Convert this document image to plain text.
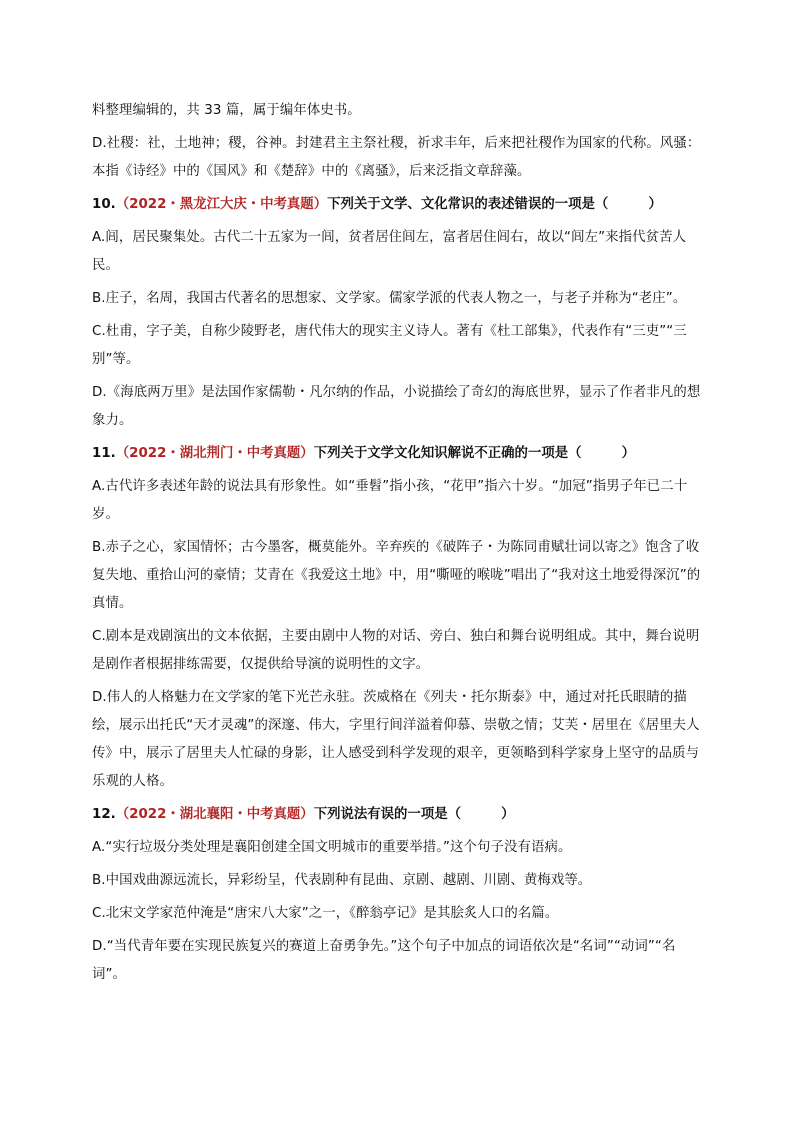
料整理编辑的，共 33 篇，属于编年体史书。

D.社稷：社，土地神；稷，谷神。封建君主主祭社稷，祈求丰年，后来把社稷作为国家的代称。风骚：本指《诗经》中的《国风》和《楚辞》中的《离骚》，后来泛指文章辞藻。

10.（2022・黑龙江大庆・中考真题）下列关于文学、文化常识的表述错误的一项是（　　　）

A.闾，居民聚集处。古代二十五家为一闾，贫者居住闾左，富者居住闾右，故以“闾左”来指代贫苦人民。

B.庄子，名周，我国古代著名的思想家、文学家。儒家学派的代表人物之一，与老子并称为“老庄”。

C.杜甫，字子美，自称少陵野老，唐代伟大的现实主义诗人。著有《杜工部集》，代表作有“三吏”“三别”等。

D.《海底两万里》是法国作家儒勒・凡尔纳的作品，小说描绘了奇幻的海底世界，显示了作者非凡的想象力。

11.（2022・湖北荆门・中考真题）下列关于文学文化知识解说不正确的一项是（　　　）

A.古代许多表述年龄的说法具有形象性。如“垂髫”指小孩，“花甲”指六十岁。“加冠”指男子年已二十岁。

B.赤子之心，家国情怀；古今墨客，概莫能外。辛弃疾的《破阵子・为陈同甫赋壮词以寄之》饱含了收复失地、重拾山河的豪情；艾青在《我爱这土地》中，用“嘶哑的喉咙”唱出了“我对这土地爱得深沉”的真情。

C.剧本是戏剧演出的文本依据，主要由剧中人物的对话、旁白、独白和舞台说明组成。其中，舞台说明是剧作者根据排练需要，仅提供给导演的说明性的文字。

D.伟人的人格魅力在文学家的笔下光芒永驻。茨威格在《列夫・托尔斯泰》中，通过对托氏眼睛的描绘，展示出托氏“天才灵魂”的深邃、伟大，字里行间洋溢着仰慕、崇敬之情；艾芙・居里在《居里夫人传》中，展示了居里夫人忙碌的身影，让人感受到科学发现的艰辛，更领略到科学家身上坚守的品质与乐观的人格。

12.（2022・湖北襄阳・中考真题）下列说法有误的一项是（　　　）

A.“实行垃圾分类处理是襄阳创建全国文明城市的重要举措。”这个句子没有语病。

B.中国戏曲源远流长，异彩纷呈，代表剧种有昆曲、京剧、越剧、川剧、黄梅戏等。

C.北宋文学家范仲淹是“唐宋八大家”之一，《醉翁亭记》是其脍炙人口的名篇。

D.“当代青年要在实现民族复兴的赛道上奋勇争先。”这个句子中加点的词语依次是“名词”“动词”“名词”。
